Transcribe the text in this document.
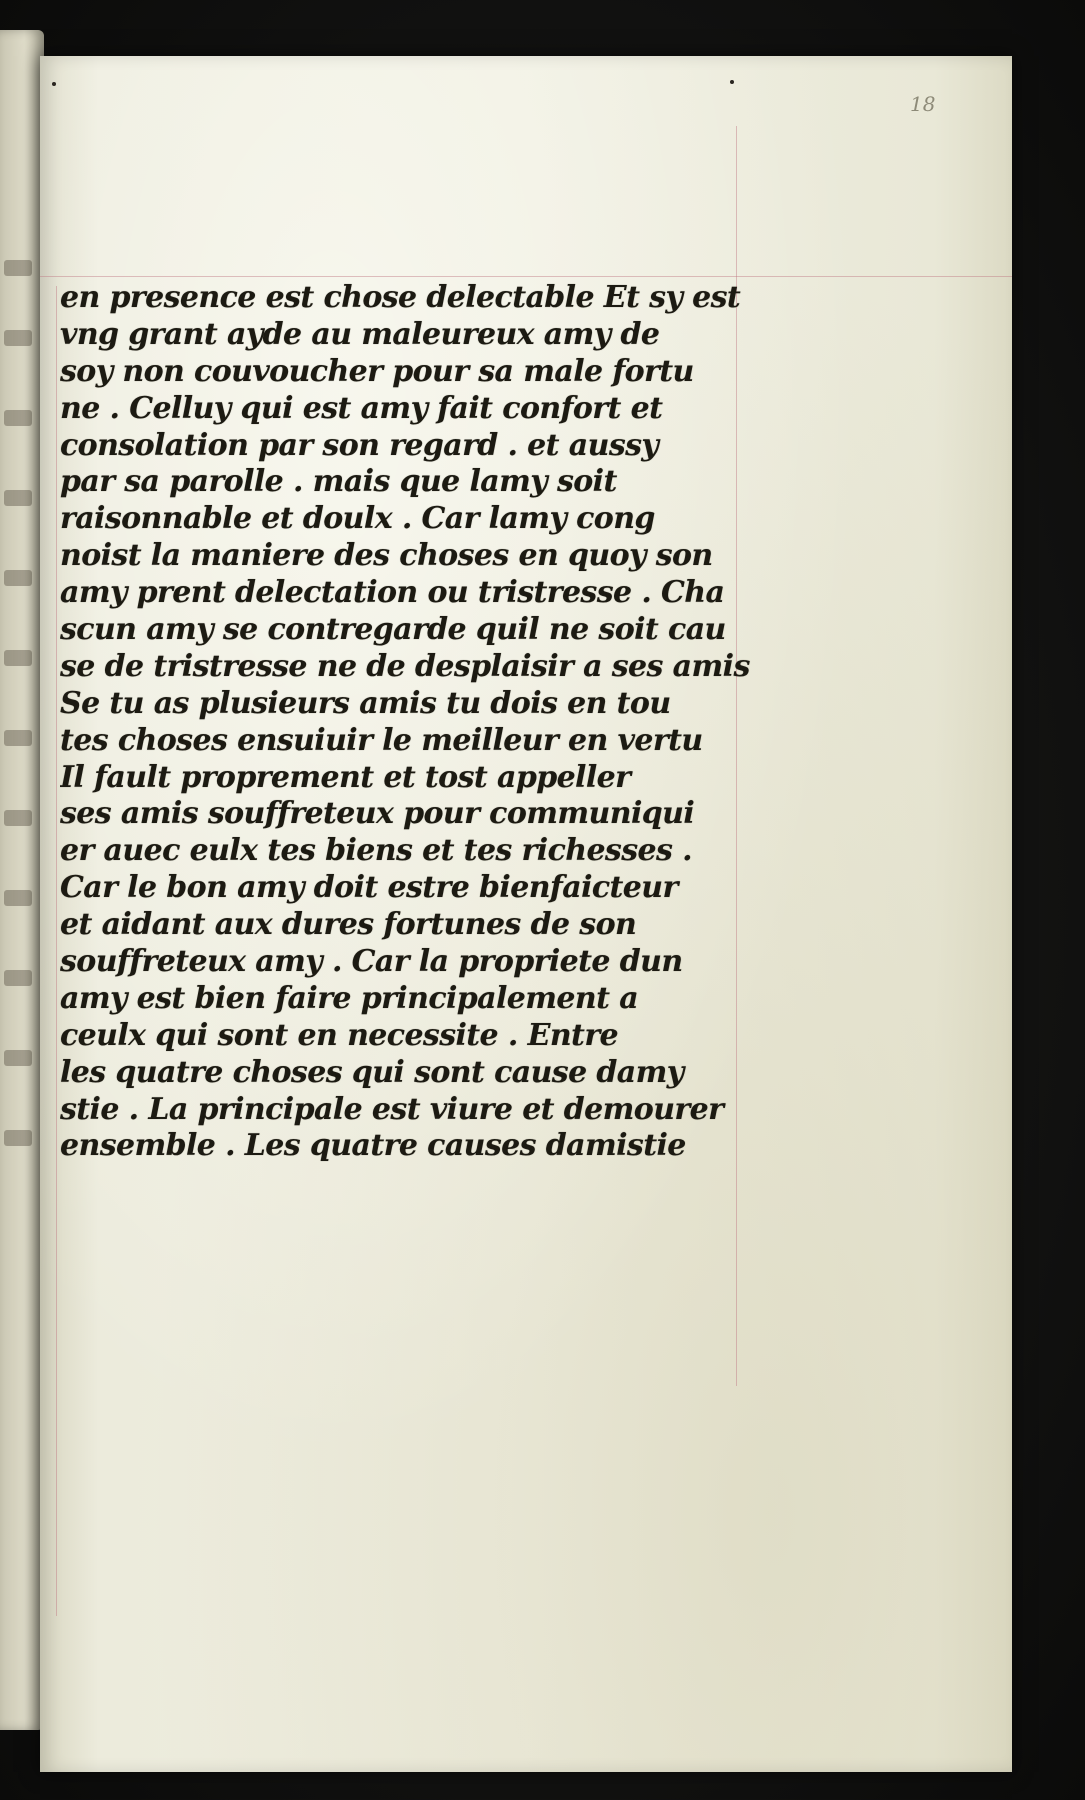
18

en presence est chose delectable Et sy est
vng grant ayde au maleureux amy de
soy non couvoucher pour sa male fortu
ne . Celluy qui est amy fait confort et
consolation par son regard . et aussy
par sa parolle . mais que lamy soit
raisonnable et doulx . Car lamy cong
noist la maniere des choses en quoy son
amy prent delectation ou tristresse . Cha
scun amy se contregarde quil ne soit cau
se de tristresse ne de desplaisir a ses amis
Se tu as plusieurs amis tu dois en tou
tes choses ensuiuir le meilleur en vertu
Il fault proprement et tost appeller
ses amis souffreteux pour communiqui
er auec eulx tes biens et tes richesses .
Car le bon amy doit estre bienfaicteur
et aidant aux dures fortunes de son
souffreteux amy . Car la propriete dun
amy est bien faire principalement a
ceulx qui sont en necessite . Entre
les quatre choses qui sont cause damy
stie . La principale est viure et demourer
ensemble . Les quatre causes damistie
